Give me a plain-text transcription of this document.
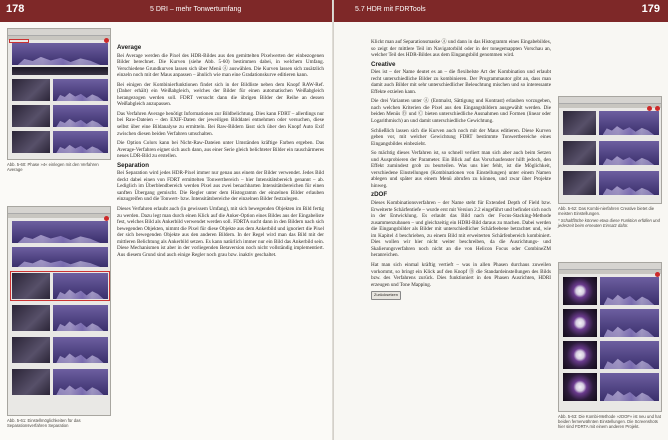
178	5 DRI – mehr Tonwertumfang
Abb. 5-60: Phase »4« einlegen mit den Verfahren Average
Abb. 5-61: Einstellmöglichkeiten für das Separationsverfahren Separation
Average

Bei Average werden die Pixel des HDR-Bildes aus den gemittelten Pixelwerten der einbezogenen Bilder berechnet. Die Kurven (siehe Abb. 5-60) bestimmen dabei, in welchem Umfang. Verschiedene Grundkurven lassen sich über Menü Ⓐ auswählen. Die Kurven lassen sich zusätzlich einzeln noch mit der Maus anpassen – ähnlich wie man eine Gradationskurve editieren kann.

Bei einigen der Kombinierfunktionen findet sich in der Bildliste neben dem Knopf RAW-Ref. (Daher erhält) ein Weißabgleich, welches der Bilder für einen automatischen Weißabgleich herangezogen werden soll. FDRT versucht dann die übrigen Bilder der Reihe an dessen Weißabgleich anzupassen.

Das Verfahren Average benötigt Informationen zur Bildbelichtung. Dies kann FDRT – allerdings nur bei Raw-Dateien – den EXIF-Daten der jeweiligen Bilddatei entnehmen oder versuchen, diese selbst über eine Bildanalyse zu ermitteln. Bei Raw-Bildern lässt sich über den Knopf Auto Exif zwischen diesen beiden Verfahren umschalten.

Die Option Colors kann bei Nicht-Raw-Dateien unter Umständen kräftige Farben ergeben. Das Average-Verfahren eignet sich auch dann, aus einer Serie gleich belichteter Bilder ein rauschärmeres neues LDR-Bild zu erstellen.

Separation

Bei Separation wird jedes HDR-Pixel immer nur genau aus einem der Bilder verwendet. Jedes Bild deckt dabei einen von FDRT ermittelten Tonwertbereich – hier Intensitätsbereich genannt – ab. Lediglich im Überblendbereich werden Pixel aus zwei benachbarten Intensitätsbereichen für einen sanften Übergang gemischt. Die Regler unter dem Histogramm der einzelnen Bilder erlauben einzugreifen und die Tonwert- bzw. Intensitätsbereiche der einzelnen Bilder festzulegen.

Dieses Verfahren erlaubt auch (in gewissem Umfang), mit sich bewegenden Objekten im Bild fertig zu werden. Dazu legt man durch einen Klick auf die Anker-Option eines Bildes aus der Eingabeliste fest, welches Bild als Ankerbild verwendet werden soll. FDRTA sucht dann in den Bildern nach sich bewegenden Objekten, nimmt die Pixel für diese Objekte aus dem Ankerbild und ignoriert die Pixel der sich bewegenden Objekte aus den anderen Bildern. In der Regel wird man das Bild mit der mittleren Belichtung als Ankerbild setzen. Es kann natürlich immer nur ein Bild das Ankerbild sein. Diese Mechanismen ist aber in der vorliegenden Betaversion noch nicht vollständig implementiert. Aus diesem Grund sind auch einige Regler noch grau bzw. inaktiv geschaltet.

5.7 HDR mit FDRTools	179

Klickt man auf Separationsmaske Ⓐ und dann in das Histogramm eines Eingabebildes, so zeigt der mittlere Teil im Navigatorbild oder in der tonegemappten Vorschau an, welcher Teil des HDR-Bildes aus dem Eingangsbild genommen wird.

Creative

Dies ist – der Name deutet es an – die flexibelste Art der Kombination und erlaubt recht unterschiedliche Bilder zu kombinieren. Der Programmautor gibt an, dass man damit auch Bilder mit sehr unterschiedlicher Beleuchtung mischen und so interessante Effekte erzielen kann.

Die drei Varianten unter Ⓐ (Entmalst, Sättigung und Kontrast) erlauben vorzugeben, nach welchen Kriterien die Pixel aus den Eingangsbildern ausgewählt werden. Die beiden Menüs Ⓑ und Ⓒ bieten unterschiedliche Ausnahmen und Formen (linear oder Logarithmisch) an und damit unterschiedliche Gewichtung.

Schließlich lassen sich die Kurven auch noch mit der Maus editieren. Diese Kurven geben vor, mit welcher Gewichtung FDRT bestimmte Tonwertbereiche eines Eingangsbildes einbezieht.

So mächtig dieses Verfahren ist, so schnell verliert man sich aber auch beim Setzen und Ausprobieren der Parameter. Ein Blick auf das Vorschaufenster hilft jedoch, den Effekt zumindest grob zu beurteilen. Was uns hier fehlt, ist die Möglichkeit, verschiedene Einstellungen (Kombinationen von Einstellungen) unter einem Namen ablegen und später aus einem Menü abrufen zu können, und zwar über Projekte hinweg.

zDOF

Dieses Kombinationsverfahren – der Name steht für Extended Depth of Field bzw. Erweiterte Schärfentiefe – wurde erst mit Version 2.2 eingeführt und befindet sich noch in der Entwicklung. Es erlaubt das Bild nach der Focus-Stacking-Methode zusammenzubauen – und gleichzeitig ein HDRI-Bild daraus zu machen. Dabei werden die Eingangsbilder als Bilder mit unterschiedlicher Schärfeebene betrachtet und, wie im Kapitel 4 beschrieben, zu einem Bild mit erweiterten Schärfenbereich kombiniert. Dies wollen wir hier nicht weiter beschreiben, da die Ausrichtungs- und Skalierungsverfahren noch nicht an die von Helicon Focus oder CombineZM heranreichen.

Hat man sich einmal kräftig vertieft – was in allen Phasen durchaus zuweilen vorkommt, so bringt ein Klick auf den Knopf Ⓑ die Standardeinstellungen des Bilds bzw. des Verfahrens zurück. Dies funktioniert in den Phasen Ausrichten, HDRI erzeugen und Tone Mapping.

Zurücksetzen

Abb. 5-62: Das Kombi-nierfahren Creative bietet die meisten Einstellungen.
* Schaltfläche können etwa diese Funktion erfüllen und jederzeit beim erneuten Einsatz dafür.
Abb. 5-63: Die Kombi-Methode »zDOF« ist neu und hat beiden fernerwähnten Einstellungen. Die Screenshots hier sind FDRTA mit einem anderen Projekt.
